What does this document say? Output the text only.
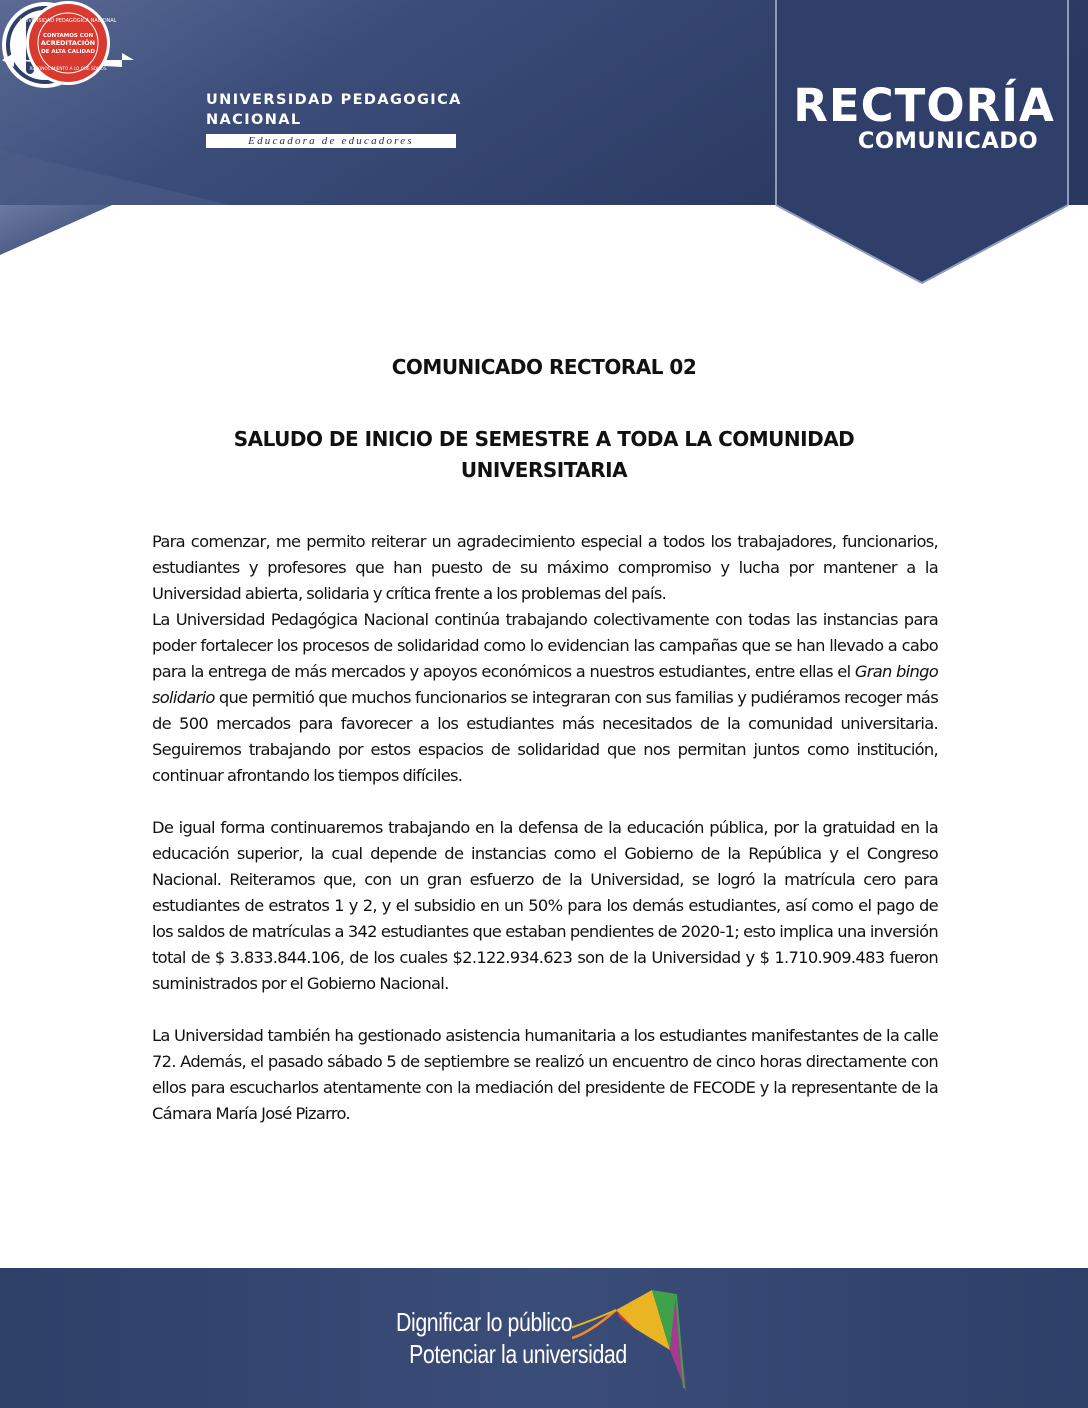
UNIVERSIDAD PEDAGOGICA
NACIONAL
Educadora de educadores
UNIVERSIDAD PEDAGÓGICA NACIONAL
CONTAMOS CON
ACREDITACIÓN
DE ALTA CALIDAD
RECONOCIMIENTO A LO QUE SOMOS
RECTORÍA
COMUNICADO
COMUNICADO RECTORAL 02
SALUDO DE INICIO DE SEMESTRE A TODA LA COMUNIDAD
UNIVERSITARIA

Para comenzar, me permito reiterar un agradecimiento especial a todos los trabajadores, funcionarios, estudiantes y profesores que han puesto de su máximo compromiso y lucha por mantener a la Universidad abierta, solidaria y crítica frente a los problemas del país.

La Universidad Pedagógica Nacional continúa trabajando colectivamente con todas las instancias para poder fortalecer los procesos de solidaridad como lo evidencian las campañas que se han llevado a cabo para la entrega de más mercados y apoyos económicos a nuestros estudiantes, entre ellas el Gran bingo solidario que permitió que muchos funcionarios se integraran con sus familias y pudiéramos recoger más de 500 mercados para favorecer a los estudiantes más necesitados de la comunidad universitaria. Seguiremos trabajando por estos espacios de solidaridad que nos permitan juntos como institución, continuar afrontando los tiempos difíciles.

De igual forma continuaremos trabajando en la defensa de la educación pública, por la gratuidad en la educación superior, la cual depende de instancias como el Gobierno de la República y el Congreso Nacional. Reiteramos que, con un gran esfuerzo de la Universidad, se logró la matrícula cero para estudiantes de estratos 1 y 2, y el subsidio en un 50% para los demás estudiantes, así como el pago de los saldos de matrículas a 342 estudiantes que estaban pendientes de 2020-1; esto implica una inversión total de $ 3.833.844.106, de los cuales $2.122.934.623 son de la Universidad y $ 1.710.909.483 fueron suministrados por el Gobierno Nacional.

La Universidad también ha gestionado asistencia humanitaria a los estudiantes manifestantes de la calle 72. Además, el pasado sábado 5 de septiembre se realizó un encuentro de cinco horas directamente con ellos para escucharlos atentamente con la mediación del presidente de FECODE y la representante de la Cámara María José Pizarro.

Dignificar lo público
Potenciar la universidad
